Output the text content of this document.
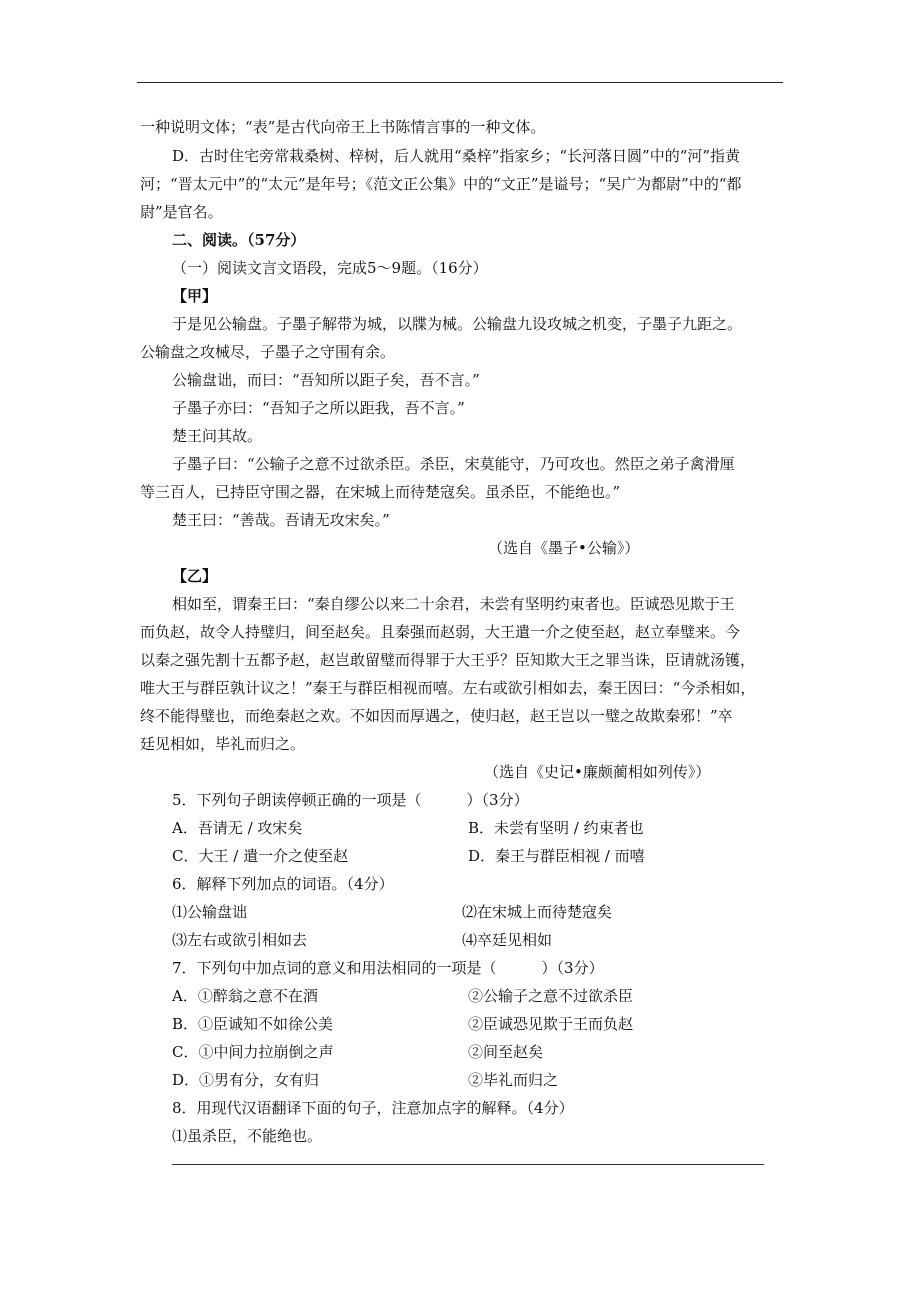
一种说明文体；“表”是古代向帝王上书陈情言事的一种文体。
D．古时住宅旁常栽桑树、梓树，后人就用“桑梓”指家乡；“长河落日圆”中的“河”指黄
河；“晋太元中”的“太元”是年号；《范文正公集》中的“文正”是谥号；“吴广为都尉”中的“都
尉”是官名。
二、阅读。（57分）
（一）阅读文言文语段，完成5～9题。（16分）
【甲】
于是见公输盘。子墨子解带为城，以牒为械。公输盘九设攻城之机变，子墨子九距之。
公输盘之攻械尽，子墨子之守围有余。
公输盘诎，而曰：“吾知所以距子矣，吾不言。”
子墨子亦曰：“吾知子之所以距我，吾不言。”
楚王问其故。
子墨子曰：“公输子之意不过欲杀臣。杀臣，宋莫能守，乃可攻也。然臣之弟子禽滑厘
等三百人，已持臣守围之器，在宋城上而待楚寇矣。虽杀臣，不能绝也。”
楚王曰：“善哉。吾请无攻宋矣。”
（选自《墨子•公输》）
【乙】
相如至，谓秦王曰：“秦自缪公以来二十余君，未尝有坚明约束者也。臣诚恐见欺于王
而负赵，故令人持璧归，间至赵矣。且秦强而赵弱，大王遣一介之使至赵，赵立奉璧来。今
以秦之强先割十五都予赵，赵岂敢留璧而得罪于大王乎？臣知欺大王之罪当诛，臣请就汤镬，
唯大王与群臣孰计议之！”秦王与群臣相视而嘻。左右或欲引相如去，秦王因曰：“今杀相如，
终不能得璧也，而绝秦赵之欢。不如因而厚遇之，使归赵，赵王岂以一璧之故欺秦邪！”卒
廷见相如，毕礼而归之。
（选自《史记•廉颇蔺相如列传》）
5．下列句子朗读停顿正确的一项是（　　　）（3分）
A．吾请无 / 攻宋矣	B．未尝有坚明 / 约束者也
C．大王 / 遣一介之使至赵	D．秦王与群臣相视 / 而嘻
6．解释下列加点的词语。（4分）
⑴公输盘诎	⑵在宋城上而待楚寇矣
⑶左右或欲引相如去	⑷卒廷见相如
7．下列句中加点词的意义和用法相同的一项是（　　　）（3分）
A．①醉翁之意不在酒	②公输子之意不过欲杀臣
B．①臣诚知不如徐公美	②臣诚恐见欺于王而负赵
C．①中间力拉崩倒之声	②间至赵矣
D．①男有分，女有归	②毕礼而归之
8．用现代汉语翻译下面的句子，注意加点字的解释。（4分）
⑴虽杀臣，不能绝也。
